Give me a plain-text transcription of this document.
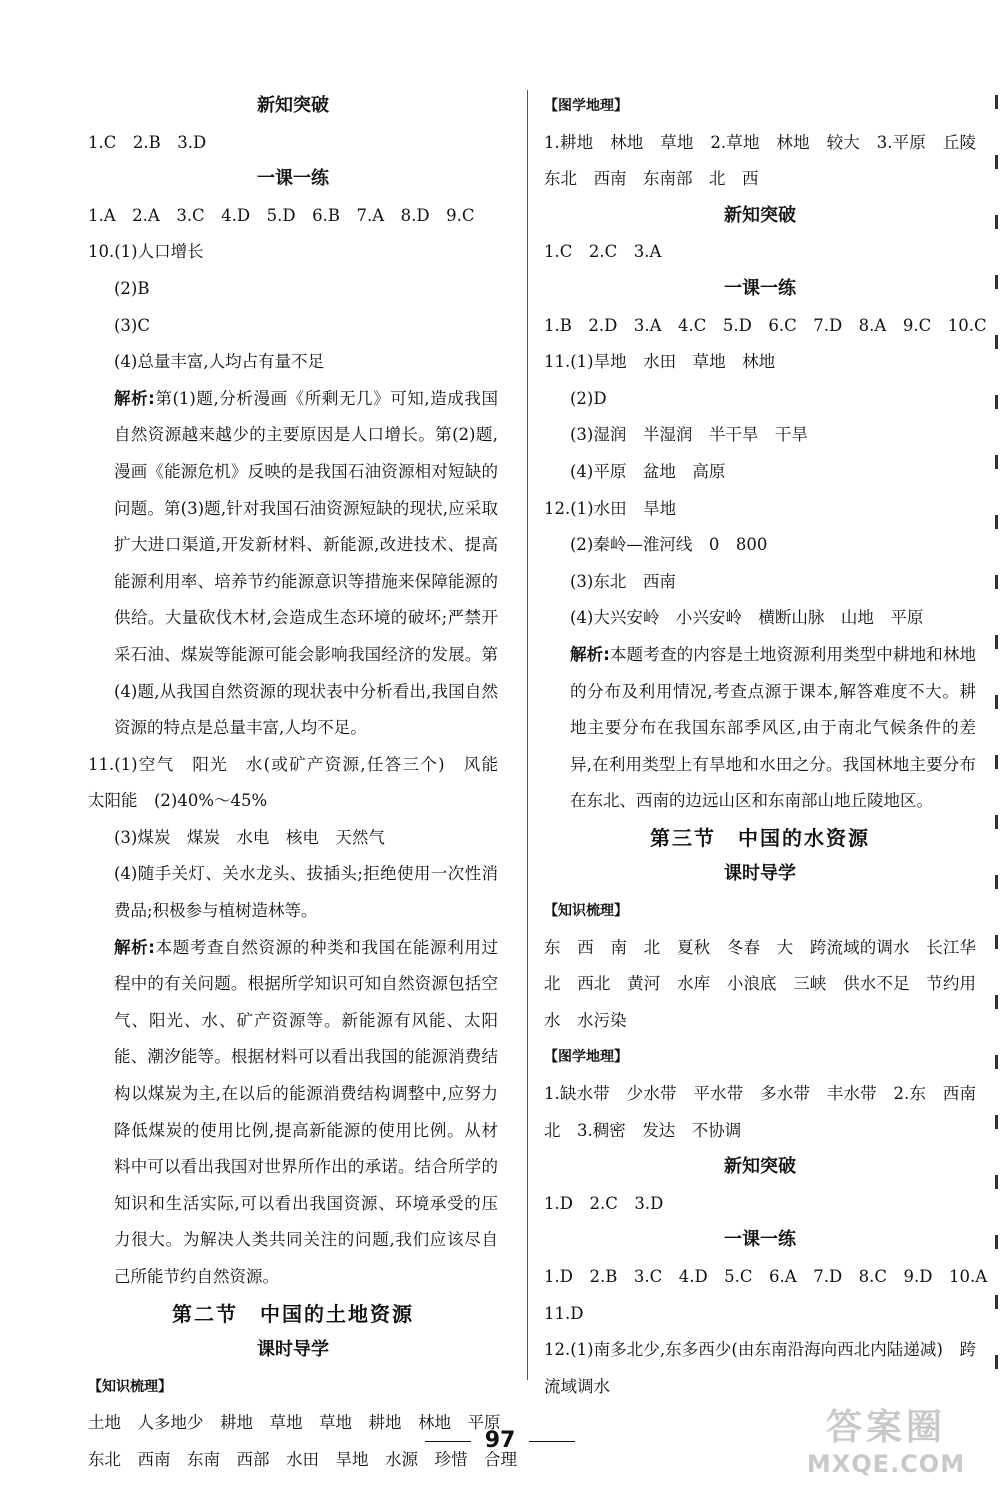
新知突破
1.C　2.B　3.D
一课一练
1.A　2.A　3.C　4.D　5.D　6.B　7.A　8.D　9.C
10.(1)人口增长
(2)B
(3)C
(4)总量丰富,人均占有量不足
解析:第(1)题,分析漫画《所剩无几》可知,造成我国自然资源越来越少的主要原因是人口增长。第(2)题,漫画《能源危机》反映的是我国石油资源相对短缺的问题。第(3)题,针对我国石油资源短缺的现状,应采取扩大进口渠道,开发新材料、新能源,改进技术、提高能源利用率、培养节约能源意识等措施来保障能源的供给。大量砍伐木材,会造成生态环境的破坏;严禁开采石油、煤炭等能源可能会影响我国经济的发展。第(4)题,从我国自然资源的现状表中分析看出,我国自然资源的特点是总量丰富,人均不足。
11.(1)空气　阳光　水(或矿产资源,任答三个)　风能　太阳能　(2)40%～45%
(3)煤炭　煤炭　水电　核电　天然气
(4)随手关灯、关水龙头、拔插头;拒绝使用一次性消费品;积极参与植树造林等。
解析:本题考查自然资源的种类和我国在能源利用过程中的有关问题。根据所学知识可知自然资源包括空气、阳光、水、矿产资源等。新能源有风能、太阳能、潮汐能等。根据材料可以看出我国的能源消费结构以煤炭为主,在以后的能源消费结构调整中,应努力降低煤炭的使用比例,提高新能源的使用比例。从材料中可以看出我国对世界所作出的承诺。结合所学的知识和生活实际,可以看出我国资源、环境承受的压力很大。为解决人类共同关注的问题,我们应该尽自己所能节约自然资源。
第二节　中国的土地资源
课时导学
【知识梳理】
土地　人多地少　耕地　草地　草地　耕地　林地　平原
东北　西南　东南　西部　水田　旱地　水源　珍惜　合理
【图学地理】
1.耕地　林地　草地　2.草地　林地　较大　3.平原　丘陵东北　西南　东南部　北　西
新知突破
1.C　2.C　3.A
一课一练
1.B　2.D　3.A　4.C　5.D　6.C　7.D　8.A　9.C　10.C
11.(1)旱地　水田　草地　林地
(2)D
(3)湿润　半湿润　半干旱　干旱
(4)平原　盆地　高原
12.(1)水田　旱地
(2)秦岭—淮河线　0　800
(3)东北　西南
(4)大兴安岭　小兴安岭　横断山脉　山地　平原
解析:本题考查的内容是土地资源利用类型中耕地和林地的分布及利用情况,考查点源于课本,解答难度不大。耕地主要分布在我国东部季风区,由于南北气候条件的差异,在利用类型上有旱地和水田之分。我国林地主要分布在东北、西南的边远山区和东南部山地丘陵地区。
第三节　中国的水资源
课时导学
【知识梳理】
东　西　南　北　夏秋　冬春　大　跨流域的调水　长江华北　西北　黄河　水库　小浪底　三峡　供水不足　节约用水　水污染
【图学地理】
1.缺水带　少水带　平水带　多水带　丰水带　2.东　西南　北　3.稠密　发达　不协调
新知突破
1.D　2.C　3.D
一课一练
1.D　2.B　3.C　4.D　5.C　6.A　7.D　8.C　9.D　10.A
11.D
12.(1)南多北少,东多西少(由东南沿海向西北内陆递减)　跨流域调水
97	答案圈
MXQE.COM
